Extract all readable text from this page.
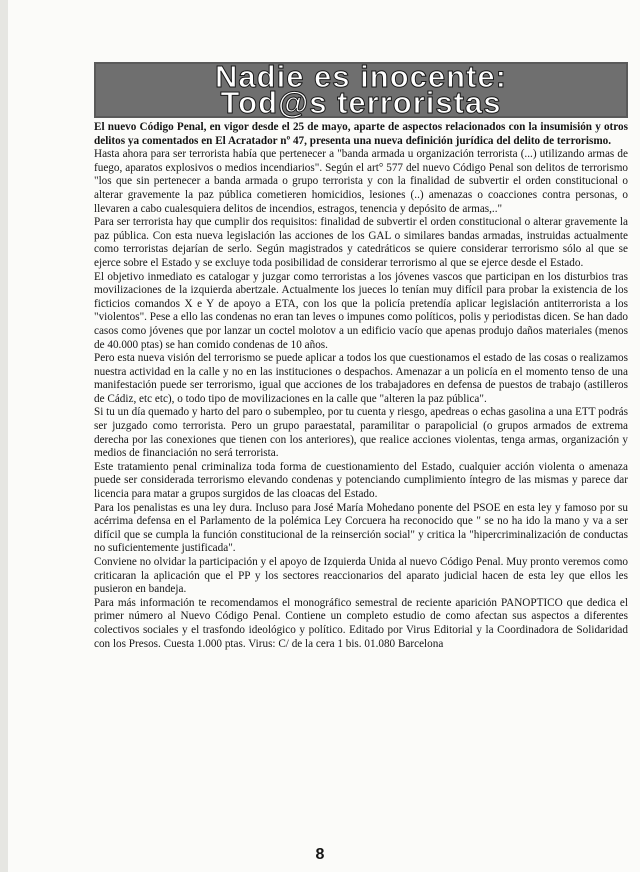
Nadie es inocente:
Tod@s terroristas

El nuevo Código Penal, en vigor desde el 25 de mayo, aparte de aspectos relacionados con la insumisión y otros delitos ya comentados en El Acratador nº 47, presenta una nueva definición jurídica del delito de terrorismo.

Hasta ahora para ser terrorista había que pertenecer a "banda armada u organización terrorista (...) utilizando armas de fuego, aparatos explosivos o medios incendiarios". Según el art° 577 del nuevo Código Penal son delitos de terrorismo "los que sin pertenecer a banda armada o grupo terrorista y con la finalidad de subvertir el orden constitucional o alterar gravemente la paz pública cometieren homicidios, lesiones (..) amenazas o coacciones contra personas, o llevaren a cabo cualesquiera delitos de incendios, estragos, tenencia y depósito de armas,.."

Para ser terrorista hay que cumplir dos requisitos: finalidad de subvertir el orden constitucional o alterar gravemente la paz pública. Con esta nueva legislación las acciones de los GAL o similares bandas armadas, instruidas actualmente como terroristas dejarían de serlo. Según magistrados y catedráticos se quiere considerar terrorismo sólo al que se ejerce sobre el Estado y se excluye toda posibilidad de considerar terrorismo al que se ejerce desde el Estado.

El objetivo inmediato es catalogar y juzgar como terroristas a los jóvenes vascos que participan en los disturbios tras movilizaciones de la izquierda abertzale. Actualmente los jueces lo tenían muy difícil para probar la existencia de los ficticios comandos X e Y de apoyo a ETA, con los que la policía pretendía aplicar legislación antiterrorista a los "violentos". Pese a ello las condenas no eran tan leves o impunes como políticos, polis y periodistas dicen. Se han dado casos como jóvenes que por lanzar un coctel molotov a un edificio vacío que apenas produjo daños materiales (menos de 40.000 ptas) se han comido condenas de 10 años.

Pero esta nueva visión del terrorismo se puede aplicar a todos los que cuestionamos el estado de las cosas o realizamos nuestra actividad en la calle y no en las instituciones o despachos. Amenazar a un policía en el momento tenso de una manifestación puede ser terrorismo, igual que acciones de los trabajadores en defensa de puestos de trabajo (astilleros de Cádiz, etc etc), o todo tipo de movilizaciones en la calle que "alteren la paz pública".

Si tu un día quemado y harto del paro o subempleo, por tu cuenta y riesgo, apedreas o echas gasolina a una ETT podrás ser juzgado como terrorista. Pero un grupo paraestatal, paramilitar o parapolicial (o grupos armados de extrema derecha por las conexiones que tienen con los anteriores), que realice acciones violentas, tenga armas, organización y medios de financiación no será terrorista.

Este tratamiento penal criminaliza toda forma de cuestionamiento del Estado, cualquier acción violenta o amenaza puede ser considerada terrorismo elevando condenas y potenciando cumplimiento íntegro de las mismas y parece dar licencia para matar a grupos surgidos de las cloacas del Estado.

Para los penalistas es una ley dura. Incluso para José María Mohedano ponente del PSOE en esta ley y famoso por su acérrima defensa en el Parlamento de la polémica Ley Corcuera ha reconocido que " se no ha ido la mano y va a ser difícil que se cumpla la función constitucional de la reinserción social" y critica la "hipercriminalización de conductas no suficientemente justificada".

Conviene no olvidar la participación y el apoyo de Izquierda Unida al nuevo Código Penal. Muy pronto veremos como criticaran la aplicación que el PP y los sectores reaccionarios del aparato judicial hacen de esta ley que ellos les pusieron en bandeja.

Para más información te recomendamos el monográfico semestral de reciente aparición PANOPTICO que dedica el primer número al Nuevo Código Penal. Contiene un completo estudio de como afectan sus aspectos a diferentes colectivos sociales y el trasfondo ideológico y político. Editado por Virus Editorial y la Coordinadora de Solidaridad con los Presos. Cuesta 1.000 ptas. Virus: C/ de la cera 1 bis. 01.080 Barcelona

8
